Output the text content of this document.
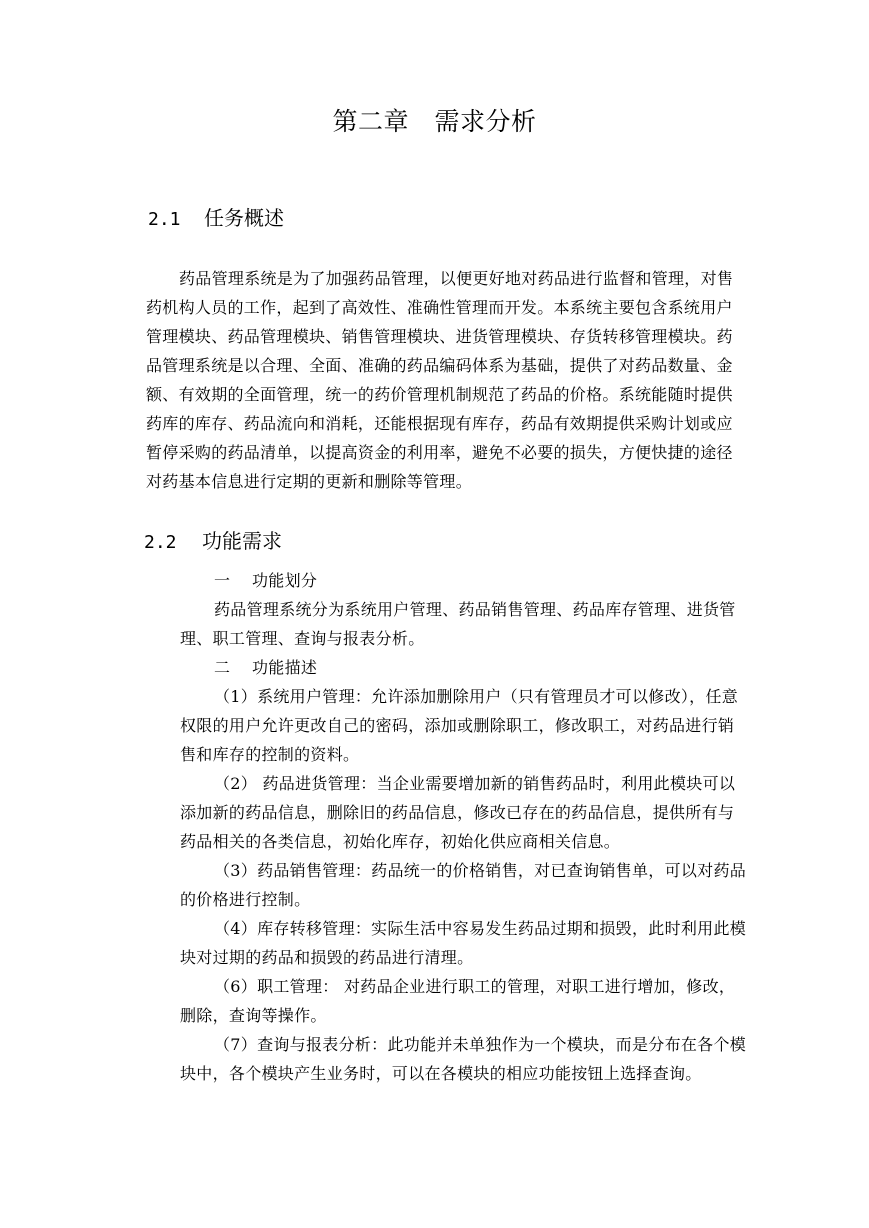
第二章　需求分析
2.1 任务概述
药品管理系统是为了加强药品管理，以便更好地对药品进行监督和管理，对售
药机构人员的工作，起到了高效性、准确性管理而开发。本系统主要包含系统用户
管理模块、药品管理模块、销售管理模块、进货管理模块、存货转移管理模块。药
品管理系统是以合理、全面、准确的药品编码体系为基础，提供了对药品数量、金
额、有效期的全面管理，统一的药价管理机制规范了药品的价格。系统能随时提供
药库的库存、药品流向和消耗，还能根据现有库存，药品有效期提供采购计划或应
暂停采购的药品清单，以提高资金的利用率，避免不必要的损失，方便快捷的途径
对药基本信息进行定期的更新和删除等管理。
2.2 功能需求
一 功能划分
药品管理系统分为系统用户管理、药品销售管理、药品库存管理、进货管
理、职工管理、查询与报表分析。
二 功能描述
（1）系统用户管理：允许添加删除用户（只有管理员才可以修改），任意
权限的用户允许更改自己的密码，添加或删除职工，修改职工，对药品进行销
售和库存的控制的资料。
（2） 药品进货管理：当企业需要增加新的销售药品时，利用此模块可以
添加新的药品信息，删除旧的药品信息，修改已存在的药品信息，提供所有与
药品相关的各类信息，初始化库存，初始化供应商相关信息。
（3）药品销售管理：药品统一的价格销售，对已查询销售单，可以对药品
的价格进行控制。
（4）库存转移管理：实际生活中容易发生药品过期和损毁，此时利用此模
块对过期的药品和损毁的药品进行清理。
（6）职工管理： 对药品企业进行职工的管理，对职工进行增加，修改，
删除，查询等操作。
（7）查询与报表分析：此功能并未单独作为一个模块，而是分布在各个模
块中，各个模块产生业务时，可以在各模块的相应功能按钮上选择查询。
